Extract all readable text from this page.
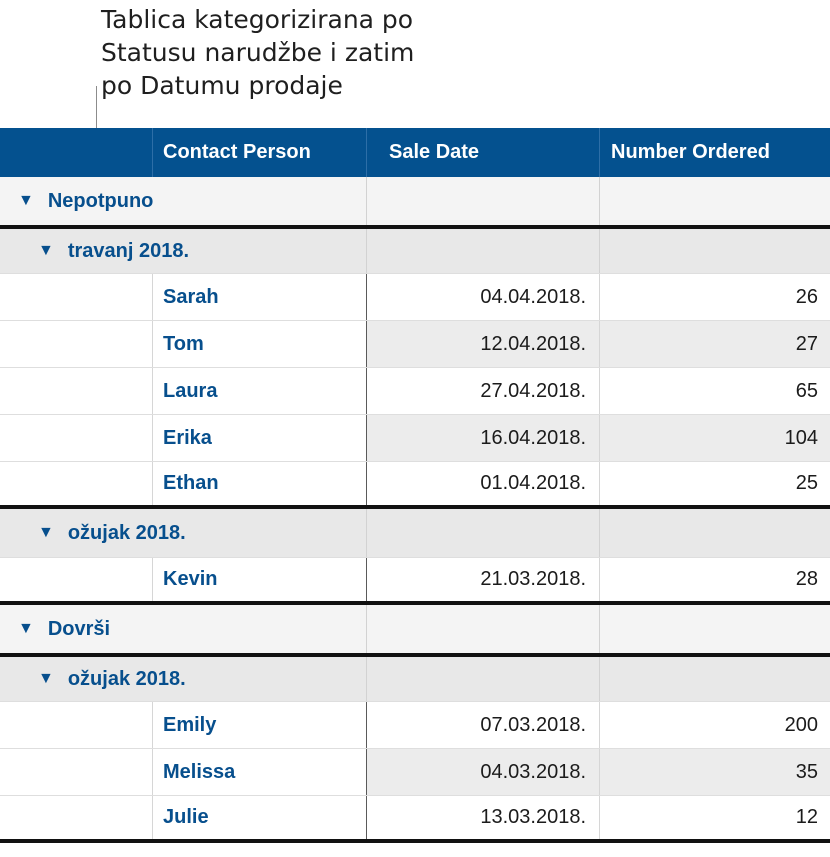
Tablica kategorizirana po
Statusu narudžbe i zatim
po Datumu prodaje
Contact Person	Sale Date	Number Ordered
▼ Nepotpuno
▼ travanj 2018.
Sarah	04.04.2018.	26
Tom	12.04.2018.	27
Laura	27.04.2018.	65
Erika	16.04.2018.	104
Ethan	01.04.2018.	25
▼ ožujak 2018.
Kevin	21.03.2018.	28
▼ Dovrši
▼ ožujak 2018.
Emily	07.03.2018.	200
Melissa	04.03.2018.	35
Julie	13.03.2018.	12
